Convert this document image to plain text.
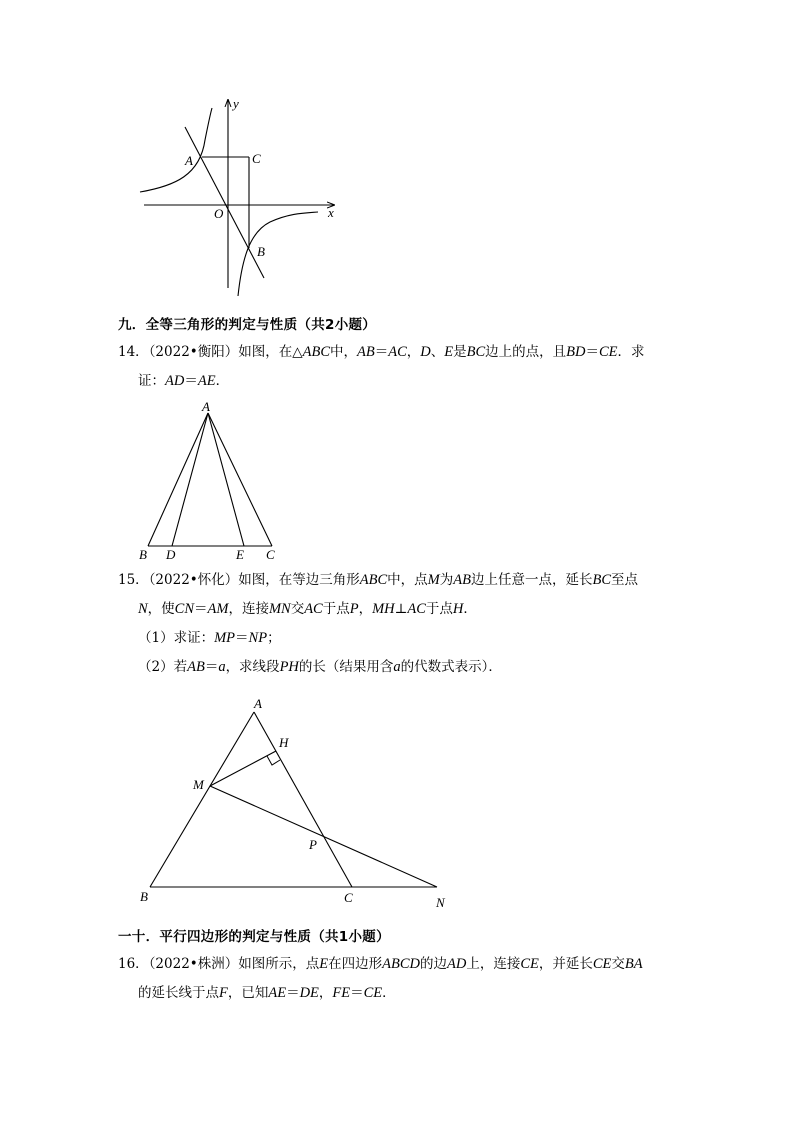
y
x
A	C
O
B
九．全等三角形的判定与性质（共2小题）
14．（2022•衡阳）如图，在△ABC中，AB＝AC，D、E是BC边上的点，且BD＝CE．求
证：AD＝AE．
A
B D	E C
15．（2022•怀化）如图，在等边三角形ABC中，点M为AB边上任意一点，延长BC至点
N，使CN＝AM，连接MN交AC于点P，MH⊥AC于点H．
（1）求证：MP＝NP；
（2）若AB＝a，求线段PH的长（结果用含a的代数式表示）．
A
H
M
P
B	C	N
一十．平行四边形的判定与性质（共1小题）
16．（2022•株洲）如图所示，点E在四边形ABCD的边AD上，连接CE，并延长CE交BA
的延长线于点F，已知AE＝DE，FE＝CE．
